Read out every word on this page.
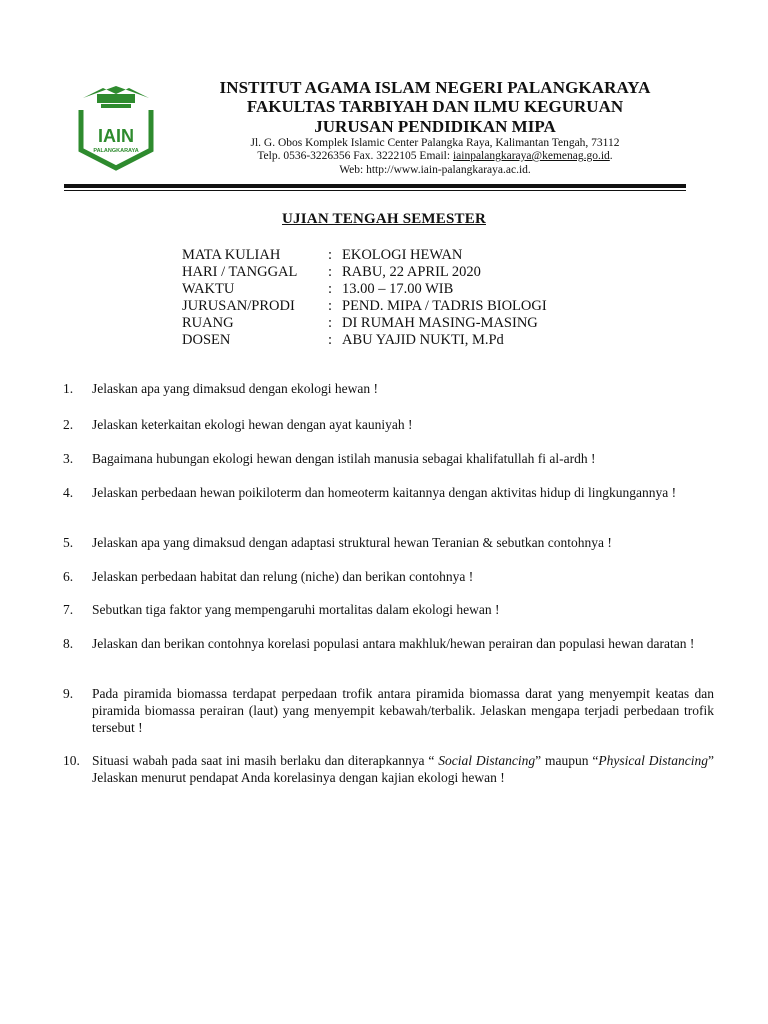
IAIN
PALANGKARAYA
INSTITUT AGAMA ISLAM NEGERI PALANGKARAYA
FAKULTAS TARBIYAH DAN ILMU KEGURUAN
JURUSAN PENDIDIKAN MIPA
Jl. G. Obos Komplek Islamic Center Palangka Raya, Kalimantan Tengah, 73112
Telp. 0536-3226356 Fax. 3222105 Email: iainpalangkaraya@kemenag.go.id.
Web: http://www.iain-palangkaraya.ac.id.
UJIAN TENGAH SEMESTER
MATA KULIAH	: EKOLOGI HEWAN
HARI / TANGGAL	: RABU, 22 APRIL 2020
WAKTU	: 13.00 – 17.00 WIB
JURUSAN/PRODI	: PEND. MIPA / TADRIS BIOLOGI
RUANG	: DI RUMAH MASING-MASING
DOSEN	: ABU YAJID NUKTI, M.Pd
1.	Jelaskan apa yang dimaksud dengan ekologi hewan !
2.	Jelaskan keterkaitan ekologi hewan dengan ayat kauniyah !
3.	Bagaimana hubungan ekologi hewan dengan istilah manusia sebagai khalifatullah fi al-ardh !
4.	Jelaskan perbedaan hewan poikiloterm dan homeoterm kaitannya dengan aktivitas hidup di lingkungannya !
5.	Jelaskan apa yang dimaksud dengan adaptasi struktural hewan Teranian & sebutkan contohnya !
6.	Jelaskan perbedaan habitat dan relung (niche) dan berikan contohnya !
7.	Sebutkan tiga faktor yang mempengaruhi mortalitas dalam ekologi hewan !
8.	Jelaskan dan berikan contohnya korelasi populasi antara makhluk/hewan perairan dan populasi hewan daratan !
9.	Pada piramida biomassa terdapat perpedaan trofik antara piramida biomassa darat yang menyempit keatas dan piramida biomassa perairan (laut) yang menyempit kebawah/terbalik. Jelaskan mengapa terjadi perbedaan trofik tersebut !
10. Situasi wabah pada saat ini masih berlaku dan diterapkannya “ Social Distancing” maupun “Physical Distancing” Jelaskan menurut pendapat Anda korelasinya dengan kajian ekologi hewan !
